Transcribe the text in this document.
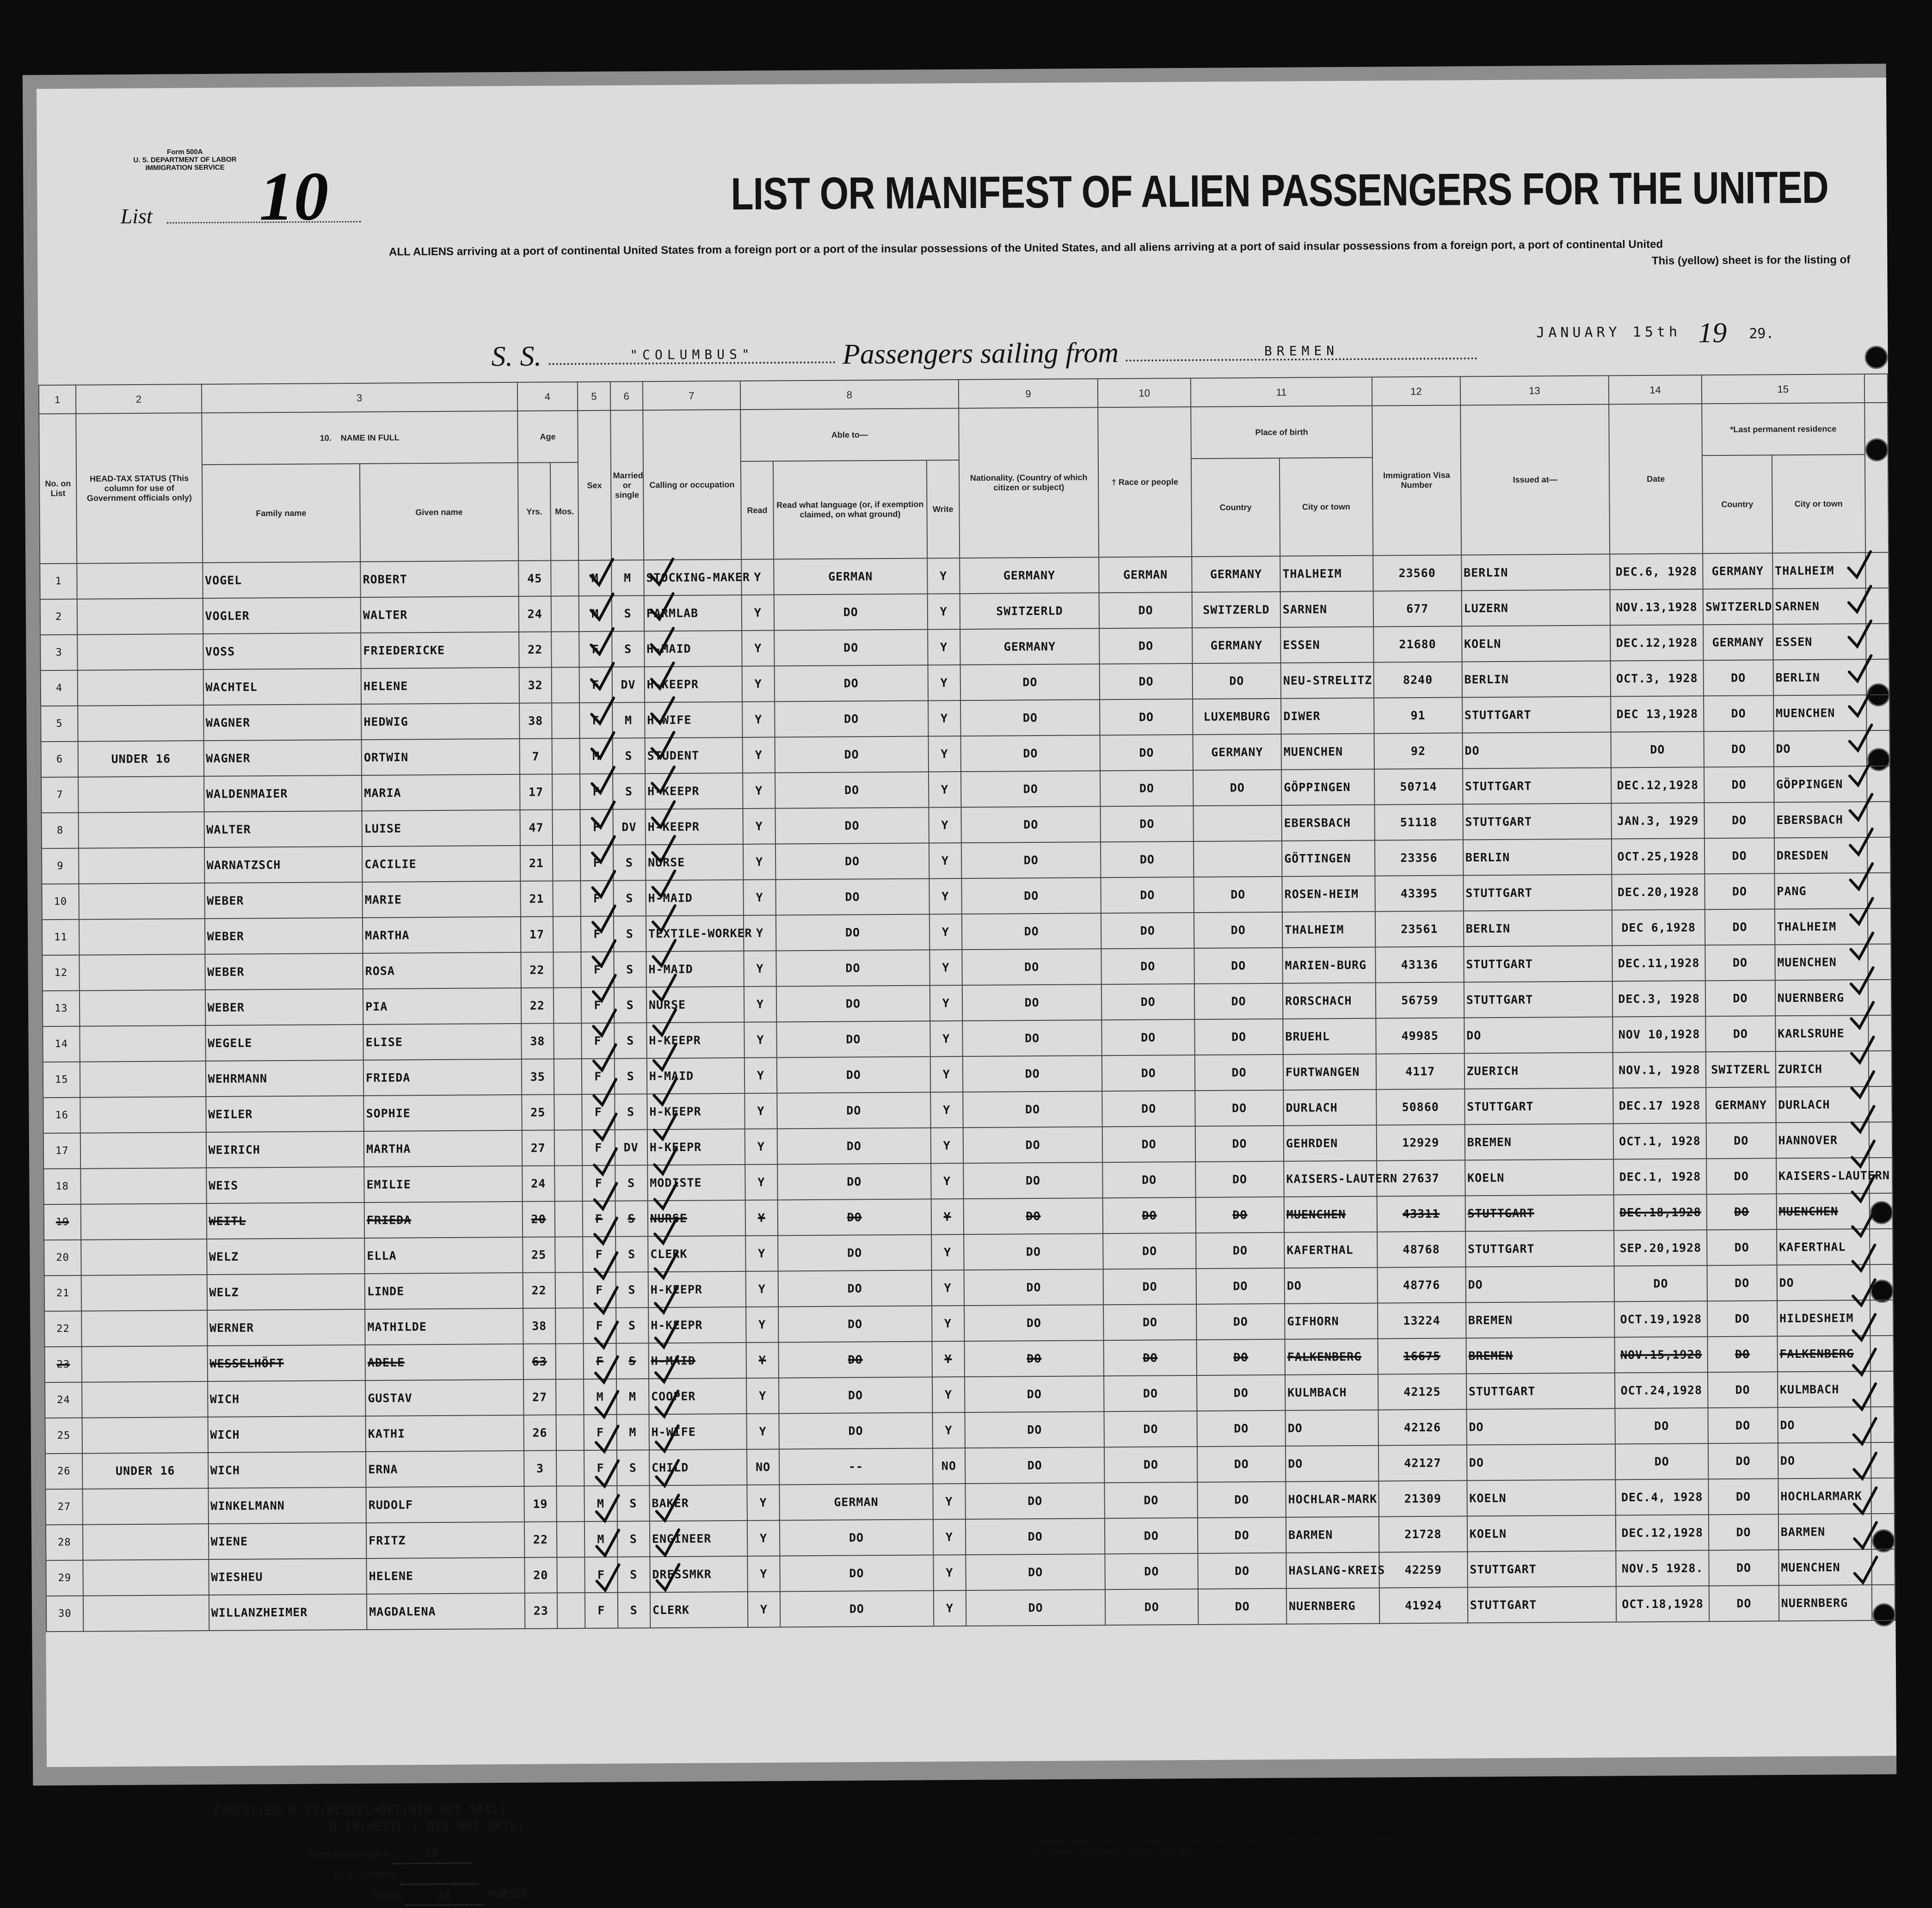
Form 500A
U. S. DEPARTMENT OF LABOR
IMMIGRATION SERVICE
List 10	LIST OR MANIFEST OF ALIEN PASSENGERS FOR THE UNITED
ALL ALIENS arriving at a port of continental United States from a foreign port or a port of the insular possessions of the United States, and all aliens arriving at a port of said insular possessions from a foreign port, a port of continental United
This (yellow) sheet is for the listing of
S. S.	"COLUMBUS"	Passengers sailing from	BREMEN
JANUARY 15th 19 29.
1	2	3		4		5	6	7	8			9	10	11		12	13	14	15		
No. on List	HEAD-TAX STATUS (This column for use of Government officials only)	10. NAME IN FULL		Age		Sex	Married or single	Calling or occupation	Able to—			Nationality. (Country of which citizen or subject)	† Race or people	Place of birth		Immigration Visa Number	Issued at—	Date	*Last permanent residence		
		Family name	Given name	Yrs.	Mos.				Read	Read what language (or, if exemption claimed, on what ground)	Write			Country	City or town				Country	City or town	
1		VOGEL	ROBERT	45		M	M	STOCKING-MAKER	Y	GERMAN	Y	GERMANY	GERMAN	GERMANY	THALHEIM	23560	BERLIN	DEC.6, 1928	GERMANY	THALHEIM	
2		VOGLER	WALTER	24		M	S	FARMLAB	Y	DO	Y	SWITZERLD	DO	SWITZERLD	SARNEN	677	LUZERN	NOV.13,1928	SWITZERLD	SARNEN	
3		VOSS	FRIEDERICKE	22		F	S	H-MAID	Y	DO	Y	GERMANY	DO	GERMANY	ESSEN	21680	KOELN	DEC.12,1928	GERMANY	ESSEN	
4		WACHTEL	HELENE	32		F	DV	H-KEEPR	Y	DO	Y	DO	DO	DO	NEU-STRELITZ	8240	BERLIN	OCT.3, 1928	DO	BERLIN	
5		WAGNER	HEDWIG	38		F	M	H-WIFE	Y	DO	Y	DO	DO	LUXEMBURG	DIWER	91	STUTTGART	DEC 13,1928	DO	MUENCHEN	
6	UNDER 16	WAGNER	ORTWIN	7		M	S	STUDENT	Y	DO	Y	DO	DO	GERMANY	MUENCHEN	92	DO	DO	DO	DO	
7		WALDENMAIER	MARIA	17		F	S	H-KEEPR	Y	DO	Y	DO	DO	DO	GÖPPINGEN	50714	STUTTGART	DEC.12,1928	DO	GÖPPINGEN	
8		WALTER	LUISE	47		F	DV	H-KEEPR	Y	DO	Y	DO	DO		EBERSBACH	51118	STUTTGART	JAN.3, 1929	DO	EBERSBACH	
9		WARNATZSCH	CACILIE	21		F	S	NURSE	Y	DO	Y	DO	DO		GÖTTINGEN	23356	BERLIN	OCT.25,1928	DO	DRESDEN	
10		WEBER	MARIE	21		F	S	H-MAID	Y	DO	Y	DO	DO	DO	ROSEN-HEIM	43395	STUTTGART	DEC.20,1928	DO	PANG	
11		WEBER	MARTHA	17		F	S	TEXTILE-WORKER	Y	DO	Y	DO	DO	DO	THALHEIM	23561	BERLIN	DEC 6,1928	DO	THALHEIM	
12		WEBER	ROSA	22		F	S	H-MAID	Y	DO	Y	DO	DO	DO	MARIEN-BURG	43136	STUTTGART	DEC.11,1928	DO	MUENCHEN	
13		WEBER	PIA	22		F	S	NURSE	Y	DO	Y	DO	DO	DO	RORSCHACH	56759	STUTTGART	DEC.3, 1928	DO	NUERNBERG	
14		WEGELE	ELISE	38		F	S	H-KEEPR	Y	DO	Y	DO	DO	DO	BRUEHL	49985	DO	NOV 10,1928	DO	KARLSRUHE	
15		WEHRMANN	FRIEDA	35		F	S	H-MAID	Y	DO	Y	DO	DO	DO	FURTWANGEN	4117	ZUERICH	NOV.1, 1928	SWITZERL	ZURICH	
16		WEILER	SOPHIE	25		F	S	H-KEEPR	Y	DO	Y	DO	DO	DO	DURLACH	50860	STUTTGART	DEC.17 1928	GERMANY	DURLACH	
17		WEIRICH	MARTHA	27		F	DV	H-KEEPR	Y	DO	Y	DO	DO	DO	GEHRDEN	12929	BREMEN	OCT.1, 1928	DO	HANNOVER	
18		WEIS	EMILIE	24		F	S	MODISTE	Y	DO	Y	DO	DO	DO	KAISERS-LAUTERN	27637	KOELN	DEC.1, 1928	DO	KAISERS-LAUTERN	
19		WEITL	FRIEDA	20		F	S	NURSE	Y	DO	Y	DO	DO	DO	MUENCHEN	43311	STUTTGART	DEC.18,1928	DO	MUENCHEN	
20		WELZ	ELLA	25		F	S	CLERK	Y	DO	Y	DO	DO	DO	KAFERTHAL	48768	STUTTGART	SEP.20,1928	DO	KAFERTHAL	
21		WELZ	LINDE	22		F	S	H-KEEPR	Y	DO	Y	DO	DO	DO	DO	48776	DO	DO	DO	DO	
22		WERNER	MATHILDE	38		F	S	H-KEEPR	Y	DO	Y	DO	DO	DO	GIFHORN	13224	BREMEN	OCT.19,1928	DO	HILDESHEIM	
23		WESSELHÖFT	ADELE	63		F	S	H-MAID	Y	DO	Y	DO	DO	DO	FALKENBERG	16675	BREMEN	NOV.15,1928	DO	FALKENBERG	
24		WICH	GUSTAV	27		M	M	COOPER	Y	DO	Y	DO	DO	DO	KULMBACH	42125	STUTTGART	OCT.24,1928	DO	KULMBACH	
25		WICH	KATHI	26		F	M	H-WIFE	Y	DO	Y	DO	DO	DO	DO	42126	DO	DO	DO	DO	
26	UNDER 16	WICH	ERNA	3		F	S	CHILD	NO	--	NO	DO	DO	DO	DO	42127	DO	DO	DO	DO	
27		WINKELMANN	RUDOLF	19		M	S	BAKER	Y	GERMAN	Y	DO	DO	DO	HOCHLAR-MARK	21309	KOELN	DEC.4, 1928	DO	HOCHLARMARK	
28		WIENE	FRITZ	22		M	S	ENGINEER	Y	DO	Y	DO	DO	DO	BARMEN	21728	KOELN	DEC.12,1928	DO	BARMEN	
29		WIESHEU	HELENE	20		F	S	DRESSMKR	Y	DO	Y	DO	DO	DO	HASLANG-KREIS	42259	STUTTGART	NOV.5 1928.	DO	MUENCHEN	
30		WILLANZHEIMER	MAGDALENA	23		F	S	CLERK	Y	DO	Y	DO	DO	DO	NUERNBERG	41924	STUTTGART	OCT.18,1928	DO	NUERNBERG	
CANCELLED N°23:WESSELHÖFT(DID NOT SAIL)
N°19:WEITL ( DID NOT SAIL)
Total passengers	28
U. S. citizens	-
Aliens	28	PURSER
* Permanent residence within the meaning of this manifest shall be actual or intended residence of one year or more.
† List of races will be found on the back of this sheet.
